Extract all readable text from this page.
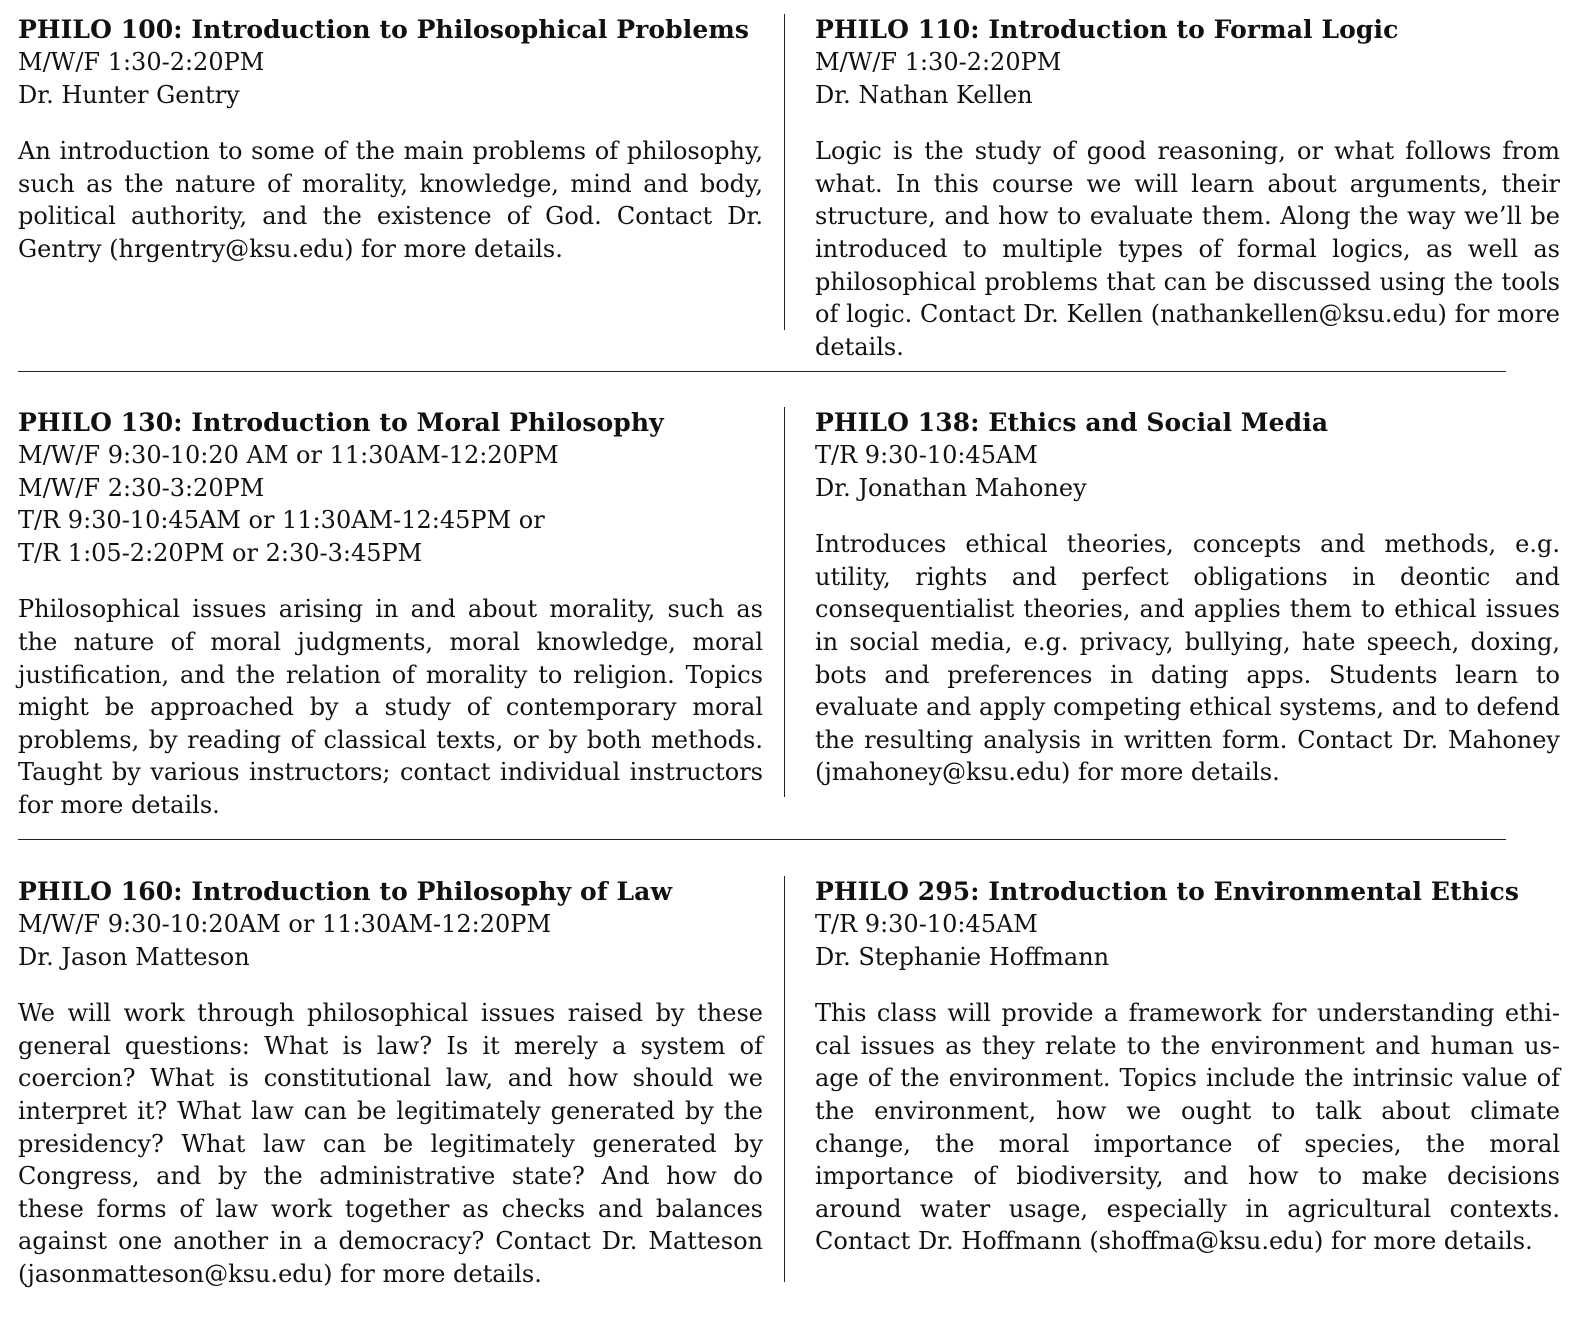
PHILO 100: Introduction to Philosophical Problems
M/W/F 1:30-2:20PM
Dr. Hunter Gentry
An introduction to some of the main problems of philosophy, such as the nature of morality, knowledge, mind and body, political authority, and the existence of God. Contact Dr. Gentry (hrgentry@ksu.edu) for more details.
PHILO 110: Introduction to Formal Logic
M/W/F 1:30-2:20PM
Dr. Nathan Kellen
Logic is the study of good reasoning, or what follows from what. In this course we will learn about arguments, their structure, and how to evaluate them. Along the way we’ll be introduced to multiple types of formal logics, as well as philosophical problems that can be discussed using the tools of logic. Contact Dr. Kellen (nathankellen@ksu.edu) for more details.
PHILO 130: Introduction to Moral Philosophy
M/W/F 9:30-10:20 AM or 11:30AM-12:20PM
M/W/F 2:30-3:20PM
T/R 9:30-10:45AM or 11:30AM-12:45PM or
T/R 1:05-2:20PM or 2:30-3:45PM
Philosophical issues arising in and about morality, such as the nature of moral judgments, moral knowledge, moral justification, and the relation of morality to religion. Topics might be approached by a study of contemporary moral problems, by reading of classical texts, or by both methods. Taught by various instructors; contact individual instructors for more details.
PHILO 138: Ethics and Social Media
T/R 9:30-10:45AM
Dr. Jonathan Mahoney
Introduces ethical theories, concepts and methods, e.g. utility, rights and perfect obligations in deontic and consequentialist theories, and applies them to ethical issues in social media, e.g. privacy, bullying, hate speech, doxing, bots and preferences in dating apps. Students learn to evaluate and apply competing ethical systems, and to defend the resulting analysis in written form. Contact Dr. Mahoney (jmahoney@ksu.edu) for more details.
PHILO 160: Introduction to Philosophy of Law
M/W/F 9:30-10:20AM or 11:30AM-12:20PM
Dr. Jason Matteson
We will work through philosophical issues raised by these general questions: What is law? Is it merely a system of coercion? What is constitutional law, and how should we interpret it? What law can be legitimately generated by the presidency? What law can be legitimately generated by Congress, and by the administrative state? And how do these forms of law work together as checks and balances against one another in a democracy? Contact Dr. Matteson (jasonmatteson@ksu.edu) for more details.
PHILO 295: Introduction to Environmental Ethics
T/R 9:30-10:45AM
Dr. Stephanie Hoffmann
This class will provide a framework for understanding ethical issues as they relate to the environment and human usage of the environment. Topics include the intrinsic value of the environment, how we ought to talk about climate change, the moral importance of species, the moral importance of biodiversity, and how to make decisions around water usage, especially in agricultural contexts. Contact Dr. Hoffmann (shoffma@ksu.edu) for more details.
